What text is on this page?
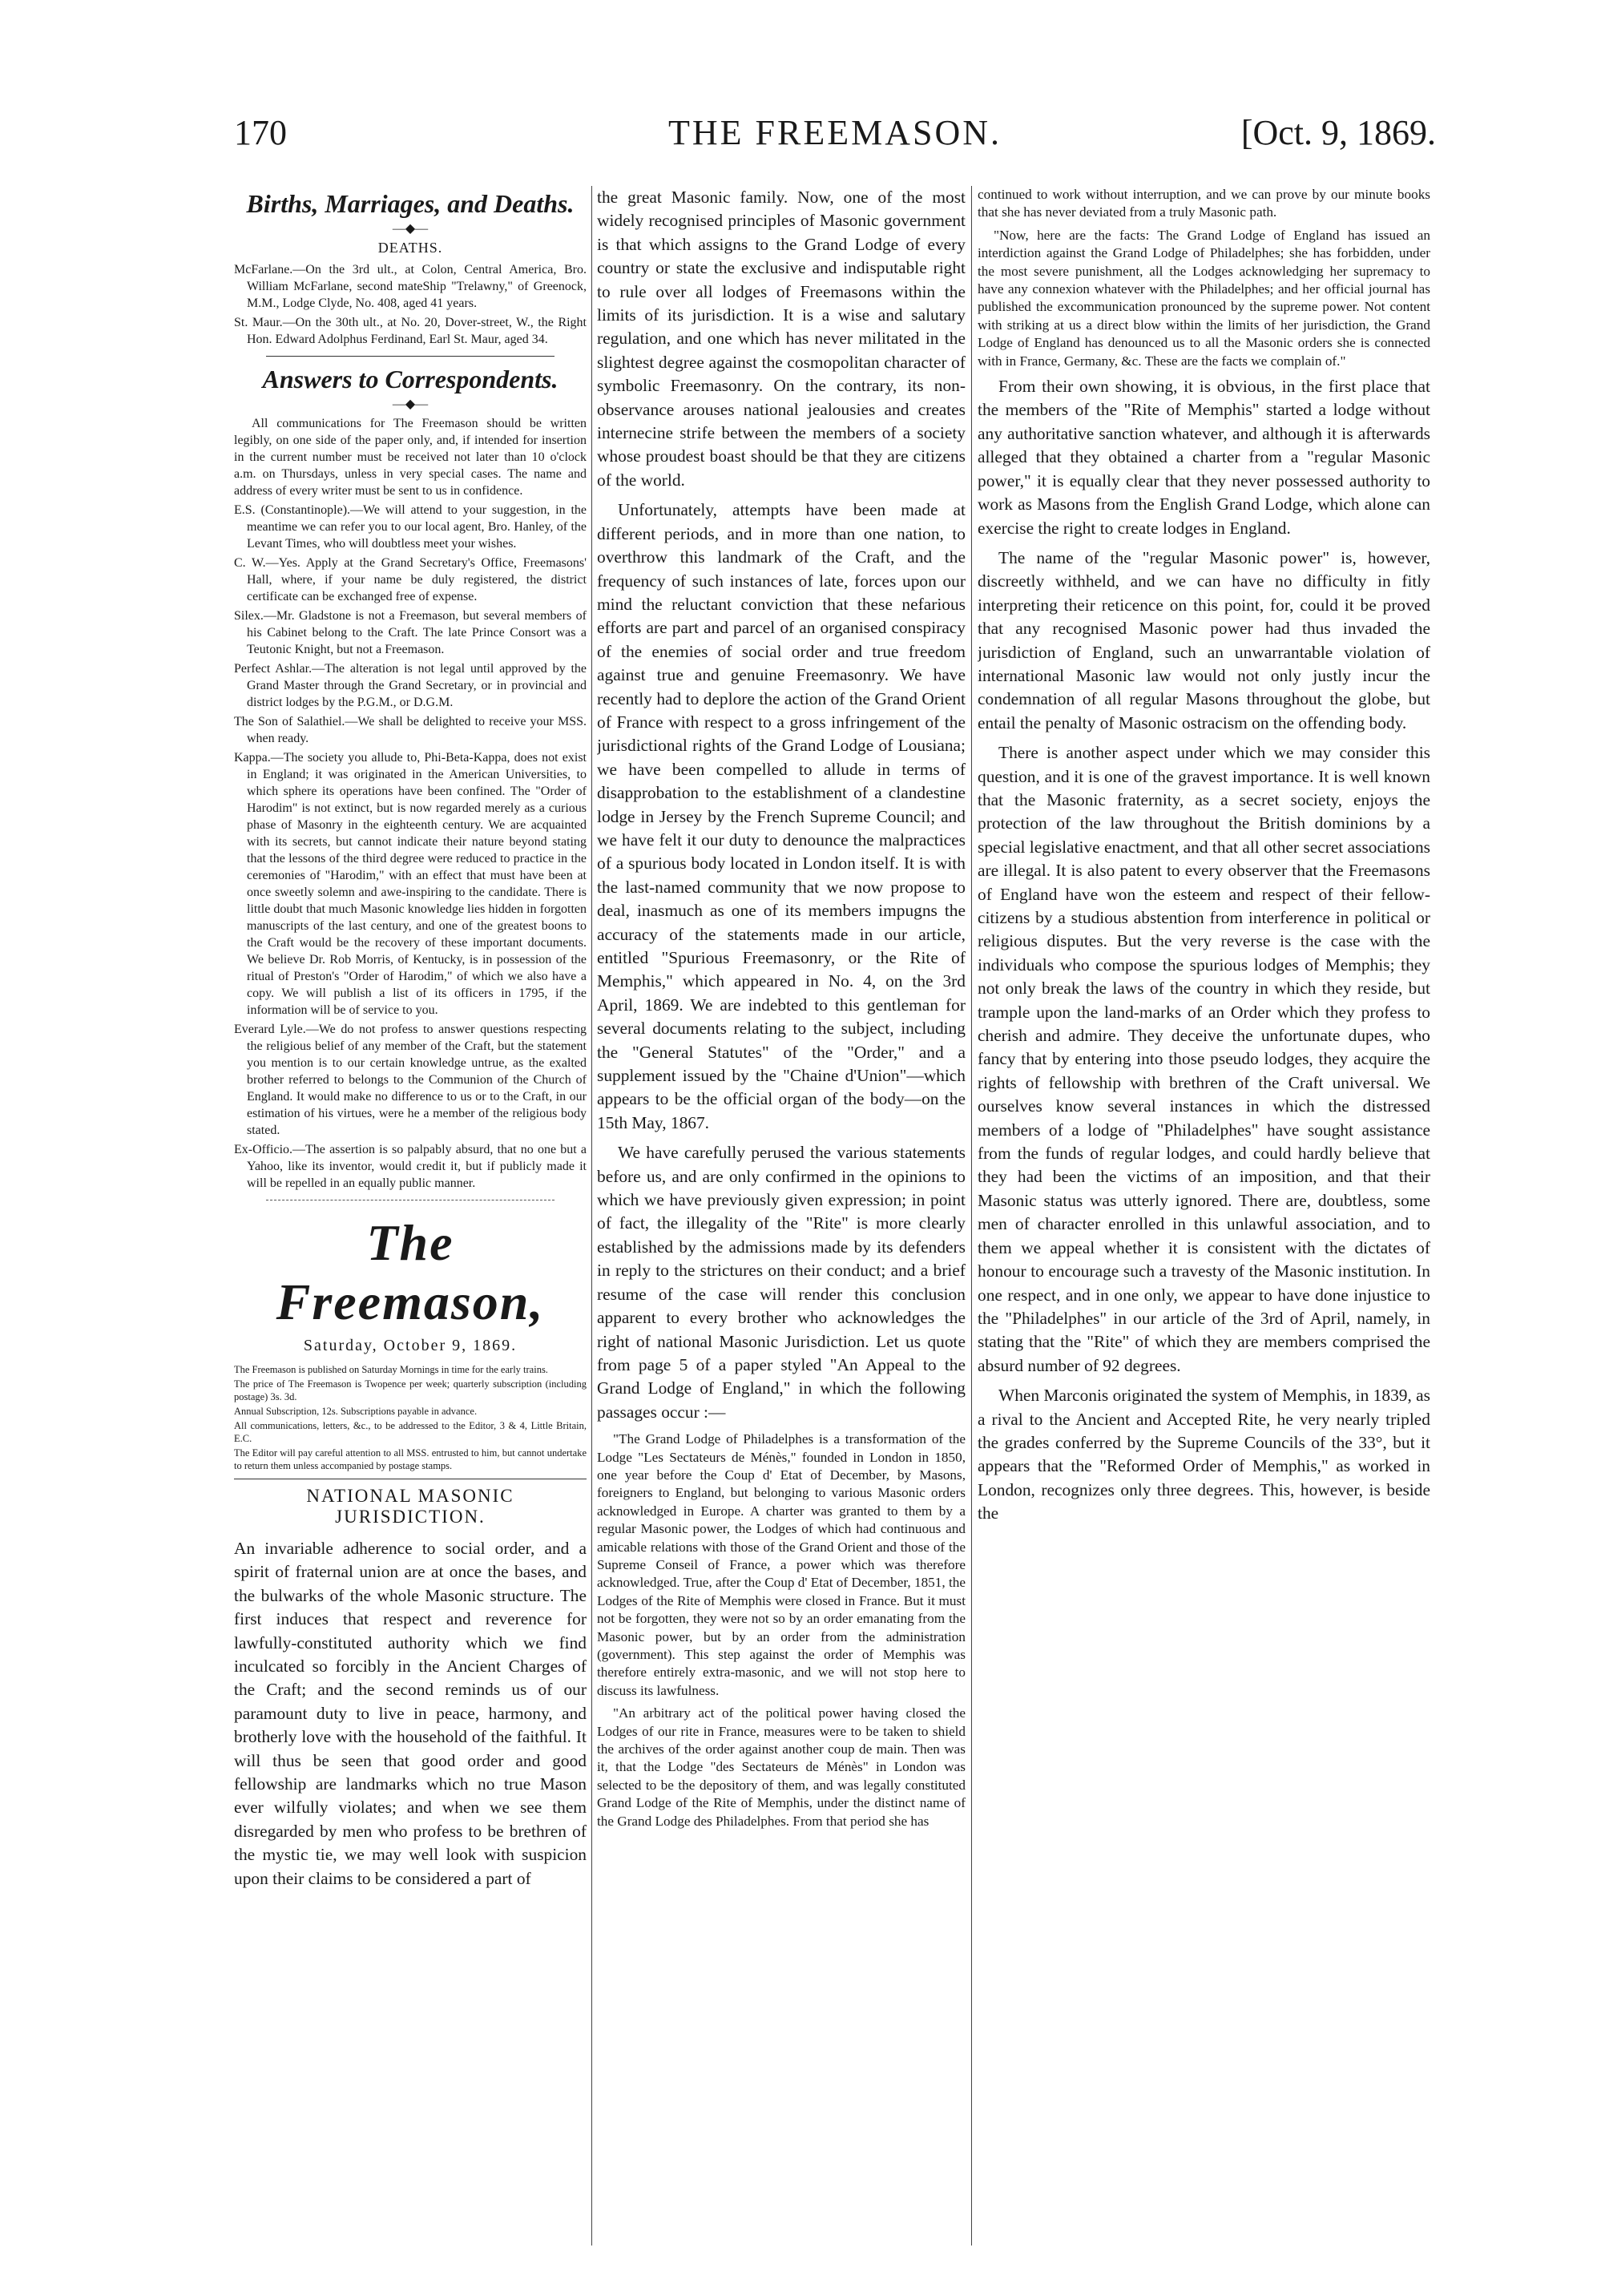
170	THE FREEMASON.	[Oct. 9, 1869.
Births, Marriages, and Deaths.
—◆—
DEATHS.

McFarlane.—On the 3rd ult., at Colon, Central America, Bro. William McFarlane, second mateShip "Trelawny," of Greenock, M.M., Lodge Clyde, No. 408, aged 41 years.

St. Maur.—On the 30th ult., at No. 20, Dover-street, W., the Right Hon. Edward Adolphus Ferdinand, Earl St. Maur, aged 34.

Answers to Correspondents.
—◆—

All communications for The Freemason should be written legibly, on one side of the paper only, and, if intended for insertion in the current number must be received not later than 10 o'clock a.m. on Thursdays, unless in very special cases. The name and address of every writer must be sent to us in confidence.

E.S. (Constantinople).—We will attend to your suggestion, in the meantime we can refer you to our local agent, Bro. Hanley, of the Levant Times, who will doubtless meet your wishes.

C. W.—Yes. Apply at the Grand Secretary's Office, Freemasons' Hall, where, if your name be duly registered, the district certificate can be exchanged free of expense.

Silex.—Mr. Gladstone is not a Freemason, but several members of his Cabinet belong to the Craft. The late Prince Consort was a Teutonic Knight, but not a Freemason.

Perfect Ashlar.—The alteration is not legal until approved by the Grand Master through the Grand Secretary, or in provincial and district lodges by the P.G.M., or D.G.M.

The Son of Salathiel.—We shall be delighted to receive your MSS. when ready.

Kappa.—The society you allude to, Phi-Beta-Kappa, does not exist in England; it was originated in the American Universities, to which sphere its operations have been confined. The "Order of Harodim" is not extinct, but is now regarded merely as a curious phase of Masonry in the eighteenth century. We are acquainted with its secrets, but cannot indicate their nature beyond stating that the lessons of the third degree were reduced to practice in the ceremonies of "Harodim," with an effect that must have been at once sweetly solemn and awe-inspiring to the candidate. There is little doubt that much Masonic knowledge lies hidden in forgotten manuscripts of the last century, and one of the greatest boons to the Craft would be the recovery of these important documents. We believe Dr. Rob Morris, of Kentucky, is in possession of the ritual of Preston's "Order of Harodim," of which we also have a copy. We will publish a list of its officers in 1795, if the information will be of service to you.

Everard Lyle.—We do not profess to answer questions respecting the religious belief of any member of the Craft, but the statement you mention is to our certain knowledge untrue, as the exalted brother referred to belongs to the Communion of the Church of England. It would make no difference to us or to the Craft, in our estimation of his virtues, were he a member of the religious body stated.

Ex-Officio.—The assertion is so palpably absurd, that no one but a Yahoo, like its inventor, would credit it, but if publicly made it will be repelled in an equally public manner.

The Freemason,
Saturday, October 9, 1869.

The Freemason is published on Saturday Mornings in time for the early trains.

The price of The Freemason is Twopence per week; quarterly subscription (including postage) 3s. 3d.

Annual Subscription, 12s. Subscriptions payable in advance.

All communications, letters, &c., to be addressed to the Editor, 3 & 4, Little Britain, E.C.

The Editor will pay careful attention to all MSS. entrusted to him, but cannot undertake to return them unless accompanied by postage stamps.

NATIONAL MASONIC JURISDICTION.

An invariable adherence to social order, and a spirit of fraternal union are at once the bases, and the bulwarks of the whole Masonic structure. The first induces that respect and reverence for lawfully-constituted authority which we find inculcated so forcibly in the Ancient Charges of the Craft; and the second reminds us of our paramount duty to live in peace, harmony, and brotherly love with the household of the faithful. It will thus be seen that good order and good fellowship are landmarks which no true Mason ever wilfully violates; and when we see them disregarded by men who profess to be brethren of the mystic tie, we may well look with suspicion upon their claims to be considered a part of

the great Masonic family. Now, one of the most widely recognised principles of Masonic government is that which assigns to the Grand Lodge of every country or state the exclusive and indisputable right to rule over all lodges of Freemasons within the limits of its jurisdiction. It is a wise and salutary regulation, and one which has never militated in the slightest degree against the cosmopolitan character of symbolic Freemasonry. On the contrary, its non-observance arouses national jealousies and creates internecine strife between the members of a society whose proudest boast should be that they are citizens of the world.

Unfortunately, attempts have been made at different periods, and in more than one nation, to overthrow this landmark of the Craft, and the frequency of such instances of late, forces upon our mind the reluctant conviction that these nefarious efforts are part and parcel of an organised conspiracy of the enemies of social order and true freedom against true and genuine Freemasonry. We have recently had to deplore the action of the Grand Orient of France with respect to a gross infringement of the jurisdictional rights of the Grand Lodge of Lousiana; we have been compelled to allude in terms of disapprobation to the establishment of a clandestine lodge in Jersey by the French Supreme Council; and we have felt it our duty to denounce the malpractices of a spurious body located in London itself. It is with the last-named community that we now propose to deal, inasmuch as one of its members impugns the accuracy of the statements made in our article, entitled "Spurious Freemasonry, or the Rite of Memphis," which appeared in No. 4, on the 3rd April, 1869. We are indebted to this gentleman for several documents relating to the subject, including the "General Statutes" of the "Order," and a supplement issued by the "Chaine d'Union"—which appears to be the official organ of the body—on the 15th May, 1867.

We have carefully perused the various statements before us, and are only confirmed in the opinions to which we have previously given expression; in point of fact, the illegality of the "Rite" is more clearly established by the admissions made by its defenders in reply to the strictures on their conduct; and a brief resume of the case will render this conclusion apparent to every brother who acknowledges the right of national Masonic Jurisdiction. Let us quote from page 5 of a paper styled "An Appeal to the Grand Lodge of England," in which the following passages occur :—

"The Grand Lodge of Philadelphes is a transformation of the Lodge "Les Sectateurs de Ménès," founded in London in 1850, one year before the Coup d' Etat of December, by Masons, foreigners to England, but belonging to various Masonic orders acknowledged in Europe. A charter was granted to them by a regular Masonic power, the Lodges of which had continuous and amicable relations with those of the Grand Orient and those of the Supreme Conseil of France, a power which was therefore acknowledged. True, after the Coup d' Etat of December, 1851, the Lodges of the Rite of Memphis were closed in France. But it must not be forgotten, they were not so by an order emanating from the Masonic power, but by an order from the administration (government). This step against the order of Memphis was therefore entirely extra-masonic, and we will not stop here to discuss its lawfulness.

"An arbitrary act of the political power having closed the Lodges of our rite in France, measures were to be taken to shield the archives of the order against another coup de main. Then was it, that the Lodge "des Sectateurs de Ménès" in London was selected to be the depository of them, and was legally constituted Grand Lodge of the Rite of Memphis, under the distinct name of the Grand Lodge des Philadelphes. From that period she has

continued to work without interruption, and we can prove by our minute books that she has never deviated from a truly Masonic path.

"Now, here are the facts: The Grand Lodge of England has issued an interdiction against the Grand Lodge of Philadelphes; she has forbidden, under the most severe punishment, all the Lodges acknowledging her supremacy to have any connexion whatever with the Philadelphes; and her official journal has published the excommunication pronounced by the supreme power. Not content with striking at us a direct blow within the limits of her jurisdiction, the Grand Lodge of England has denounced us to all the Masonic orders she is connected with in France, Germany, &c. These are the facts we complain of."

From their own showing, it is obvious, in the first place that the members of the "Rite of Memphis" started a lodge without any authoritative sanction whatever, and although it is afterwards alleged that they obtained a charter from a "regular Masonic power," it is equally clear that they never possessed authority to work as Masons from the English Grand Lodge, which alone can exercise the right to create lodges in England.

The name of the "regular Masonic power" is, however, discreetly withheld, and we can have no difficulty in fitly interpreting their reticence on this point, for, could it be proved that any recognised Masonic power had thus invaded the jurisdiction of England, such an unwarrantable violation of international Masonic law would not only justly incur the condemnation of all regular Masons throughout the globe, but entail the penalty of Masonic ostracism on the offending body.

There is another aspect under which we may consider this question, and it is one of the gravest importance. It is well known that the Masonic fraternity, as a secret society, enjoys the protection of the law throughout the British dominions by a special legislative enactment, and that all other secret associations are illegal. It is also patent to every observer that the Freemasons of England have won the esteem and respect of their fellow-citizens by a studious abstention from interference in political or religious disputes. But the very reverse is the case with the individuals who compose the spurious lodges of Memphis; they not only break the laws of the country in which they reside, but trample upon the land-marks of an Order which they profess to cherish and admire. They deceive the unfortunate dupes, who fancy that by entering into those pseudo lodges, they acquire the rights of fellowship with brethren of the Craft universal. We ourselves know several instances in which the distressed members of a lodge of "Philadelphes" have sought assistance from the funds of regular lodges, and could hardly believe that they had been the victims of an imposition, and that their Masonic status was utterly ignored. There are, doubtless, some men of character enrolled in this unlawful association, and to them we appeal whether it is consistent with the dictates of honour to encourage such a travesty of the Masonic institution. In one respect, and in one only, we appear to have done injustice to the "Philadelphes" in our article of the 3rd of April, namely, in stating that the "Rite" of which they are members comprised the absurd number of 92 degrees.

When Marconis originated the system of Memphis, in 1839, as a rival to the Ancient and Accepted Rite, he very nearly tripled the grades conferred by the Supreme Councils of the 33°, but it appears that the "Reformed Order of Memphis," as worked in London, recognizes only three degrees. This, however, is beside the
